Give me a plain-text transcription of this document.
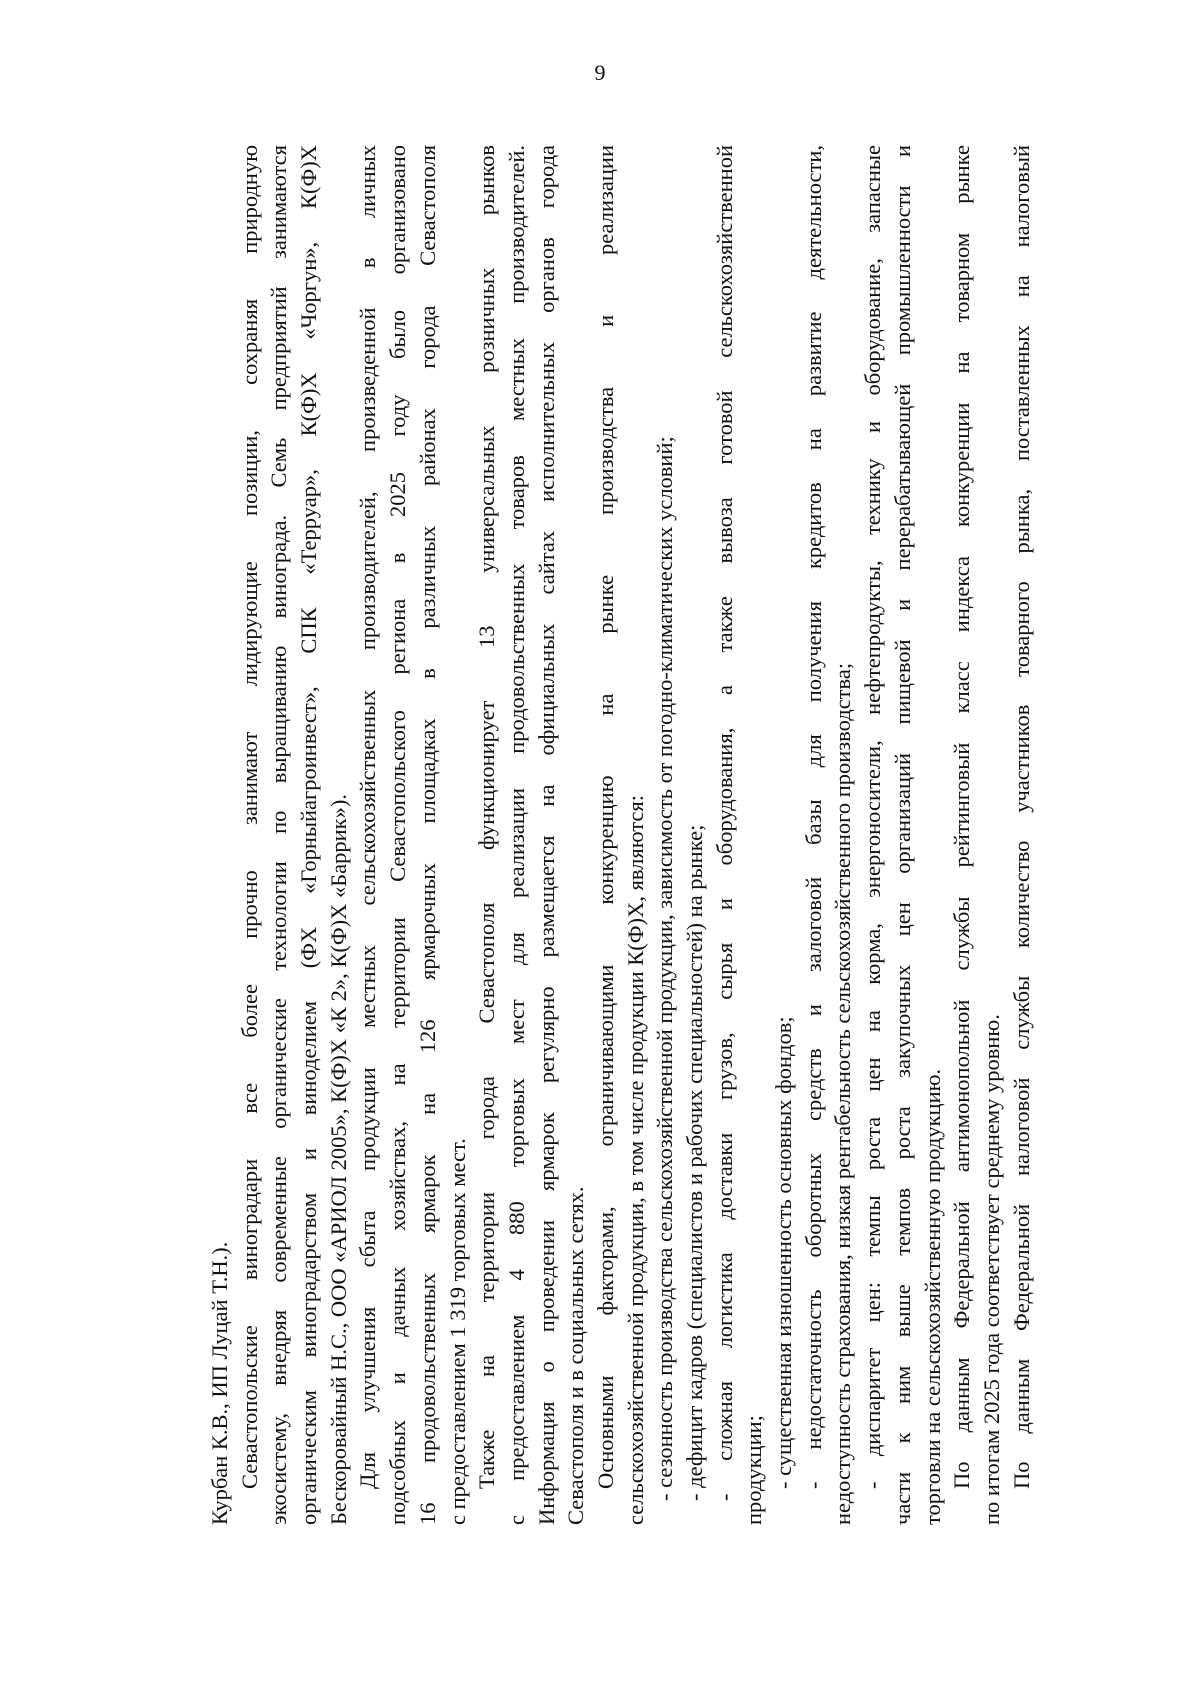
9
Курбан К.В., ИП Луцай Т.Н.). Севастопольские виноградари все более прочно занимают лидирующие позиции, сохраняя природную экосистему, внедряя современные органические технологии по выращиванию винограда. Семь предприятий занимаются органическим виноградарством и виноделием (ФХ «Горныйагроинвест», СПК «Терруар», К(Ф)Х «Чоргун», К(Ф)Х Бескоровайный Н.С., ООО «АРИОЛ 2005», К(Ф)Х «К 2», К(Ф)Х «Баррик»). Для улучшения сбыта продукции местных сельскохозяйственных производителей, произведенной в личных подсобных и дачных хозяйствах, на территории Севастопольского региона в 2025 году было организовано 16 продовольственных ярмарок на 126 ярмарочных площадках в различных районах города Севастополя с предоставлением 1 319 торговых мест. Также на территории города Севастополя функционирует 13 универсальных розничных рынков с предоставлением 4 880 торговых мест для реализации продовольственных товаров местных производителей. Информация о проведении ярмарок регулярно размещается на официальных сайтах исполнительных органов города Севастополя и в социальных сетях. Основными факторами, ограничивающими конкуренцию на рынке производства и реализации сельскохозяйственной продукции, в том числе продукции К(Ф)Х, являются: - сезонность производства сельскохозяйственной продукции, зависимость от погодно-климатических условий; - дефицит кадров (специалистов и рабочих специальностей) на рынке; - сложная логистика доставки грузов, сырья и оборудования, а также вывоза готовой сельскохозяйственной продукции; - существенная изношенность основных фондов; - недостаточность оборотных средств и залоговой базы для получения кредитов на развитие деятельности, недоступность страхования, низкая рентабельность сельскохозяйственного производства; - диспаритет цен: темпы роста цен на корма, энергоносители, нефтепродукты, технику и оборудование, запасные части к ним выше темпов роста закупочных цен организаций пищевой и перерабатывающей промышленности и торговли на сельскохозяйственную продукцию. По данным Федеральной антимонопольной службы рейтинговый класс индекса конкуренции на товарном рынке по итогам 2025 года соответствует среднему уровню. По данным Федеральной налоговой службы количество участников товарного рынка, поставленных на налоговый
